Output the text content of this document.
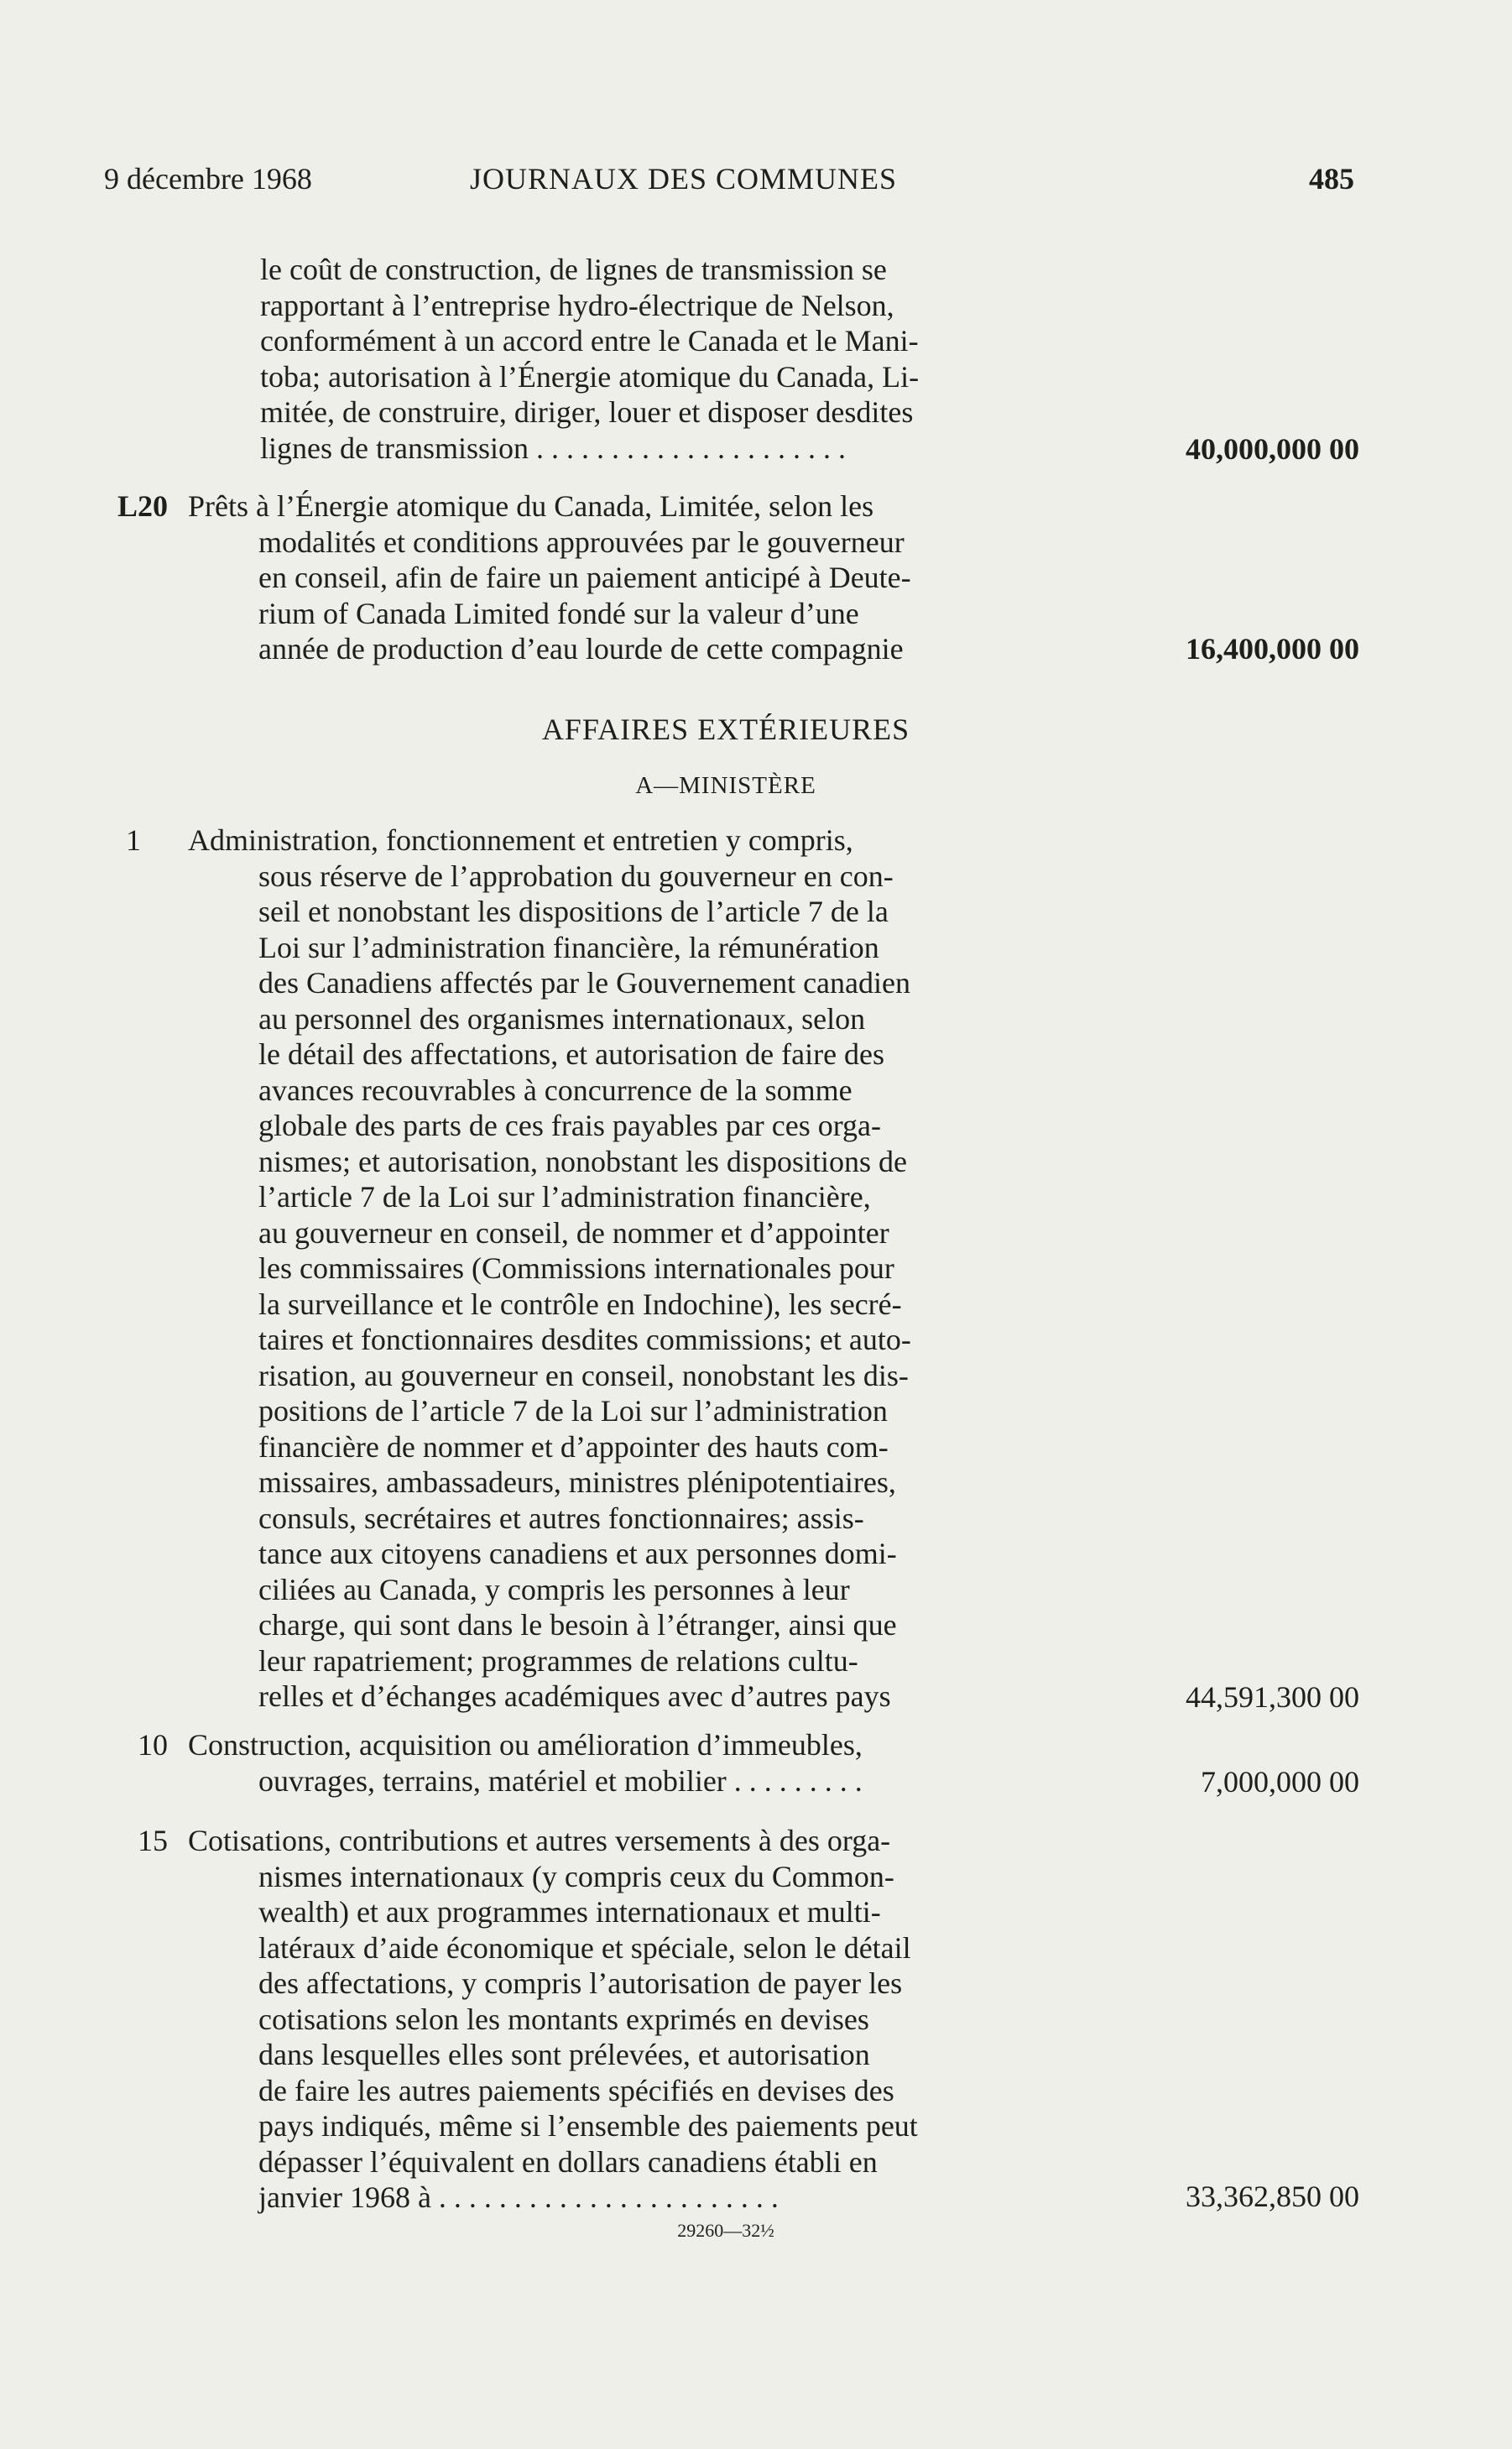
9 décembre 1968	JOURNAUX DES COMMUNES	485
le coût de construction, de lignes de transmission se
rapportant à l’entreprise hydro-électrique de Nelson,
conformément à un accord entre le Canada et le Mani-
toba; autorisation à l’Énergie atomique du Canada, Li-
mitée, de construire, diriger, louer et disposer desdites
lignes de transmission . . . . . . . . . . . . . . . . . . . . .	40,000,000 00
L20 Prêts à l’Énergie atomique du Canada, Limitée, selon les
modalités et conditions approuvées par le gouverneur
en conseil, afin de faire un paiement anticipé à Deute-
rium of Canada Limited fondé sur la valeur d’une
année de production d’eau lourde de cette compagnie	16,400,000 00
AFFAIRES EXTÉRIEURES
A—MINISTÈRE
1	Administration, fonctionnement et entretien y compris,
sous réserve de l’approbation du gouverneur en con-
seil et nonobstant les dispositions de l’article 7 de la
Loi sur l’administration financière, la rémunération
des Canadiens affectés par le Gouvernement canadien
au personnel des organismes internationaux, selon
le détail des affectations, et autorisation de faire des
avances recouvrables à concurrence de la somme
globale des parts de ces frais payables par ces orga-
nismes; et autorisation, nonobstant les dispositions de
l’article 7 de la Loi sur l’administration financière,
au gouverneur en conseil, de nommer et d’appointer
les commissaires (Commissions internationales pour
la surveillance et le contrôle en Indochine), les secré-
taires et fonctionnaires desdites commissions; et auto-
risation, au gouverneur en conseil, nonobstant les dis-
positions de l’article 7 de la Loi sur l’administration
financière de nommer et d’appointer des hauts com-
missaires, ambassadeurs, ministres plénipotentiaires,
consuls, secrétaires et autres fonctionnaires; assis-
tance aux citoyens canadiens et aux personnes domi-
ciliées au Canada, y compris les personnes à leur
charge, qui sont dans le besoin à l’étranger, ainsi que
leur rapatriement; programmes de relations cultu-
relles et d’échanges académiques avec d’autres pays	44,591,300 00
10 Construction, acquisition ou amélioration d’immeubles,
ouvrages, terrains, matériel et mobilier . . . . . . . . .	7,000,000 00
15 Cotisations, contributions et autres versements à des orga-
nismes internationaux (y compris ceux du Common-
wealth) et aux programmes internationaux et multi-
latéraux d’aide économique et spéciale, selon le détail
des affectations, y compris l’autorisation de payer les
cotisations selon les montants exprimés en devises
dans lesquelles elles sont prélevées, et autorisation
de faire les autres paiements spécifiés en devises des
pays indiqués, même si l’ensemble des paiements peut
dépasser l’équivalent en dollars canadiens établi en
janvier 1968 à . . . . . . . . . . . . . . . . . . . . . . .	33,362,850 00
29260—32½
